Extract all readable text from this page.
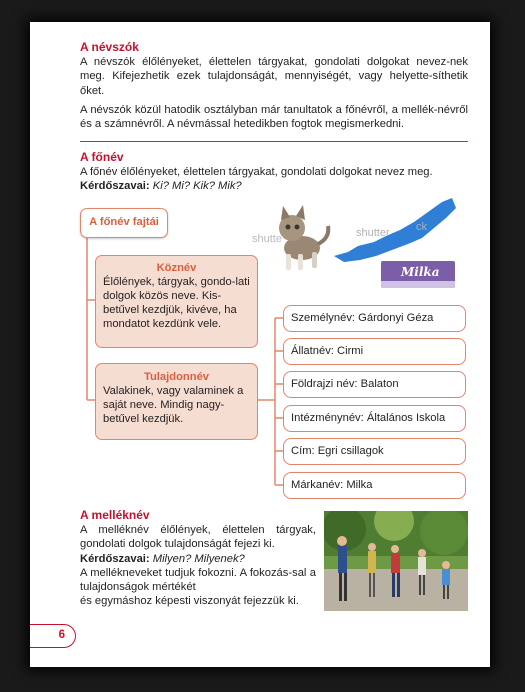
A névszók

A névszók élőlényeket, élettelen tárgyakat, gondolati dolgokat nevez-nek meg. Kifejezhetik ezek tulajdonságát, mennyiségét, vagy helyette-síthetik őket.

A névszók közül hatodik osztályban már tanultatok a főnévről, a mellék-névről és a számnévről. A névmással hetedikben fogtok megismerkedni.

A főnév

A főnév élőlényeket, élettelen tárgyakat, gondolati dolgokat nevez meg.
Kérdőszavai: Ki? Mi? Kik? Mik?

A főnév fajtái
Köznév
Élőlények, tárgyak, gondo-lati dolgok közös neve. Kis-betűvel kezdjük, kivéve, ha mondatot kezdünk vele.
Tulajdonnév
Valakinek, vagy valaminek a saját neve. Mindig nagy-betűvel kezdjük.
Személynév: Gárdonyi Géza
Állatnév: Cirmi
Földrajzi név: Balaton
Intézménynév: Általános Iskola
Cím: Egri csillagok
Márkanév: Milka
shutte	shutter ck
Milka
A melléknév

A melléknév élőlények, élettelen tárgyak, gondolati dolgok tulajdonságát fejezi ki.
Kérdőszavai: Milyen? Milyenek?
A mellékneveket tudjuk fokozni. A fokozás-sal a tulajdonságok mértékét
és egymáshoz képesti viszonyát fejezzük ki.

6
